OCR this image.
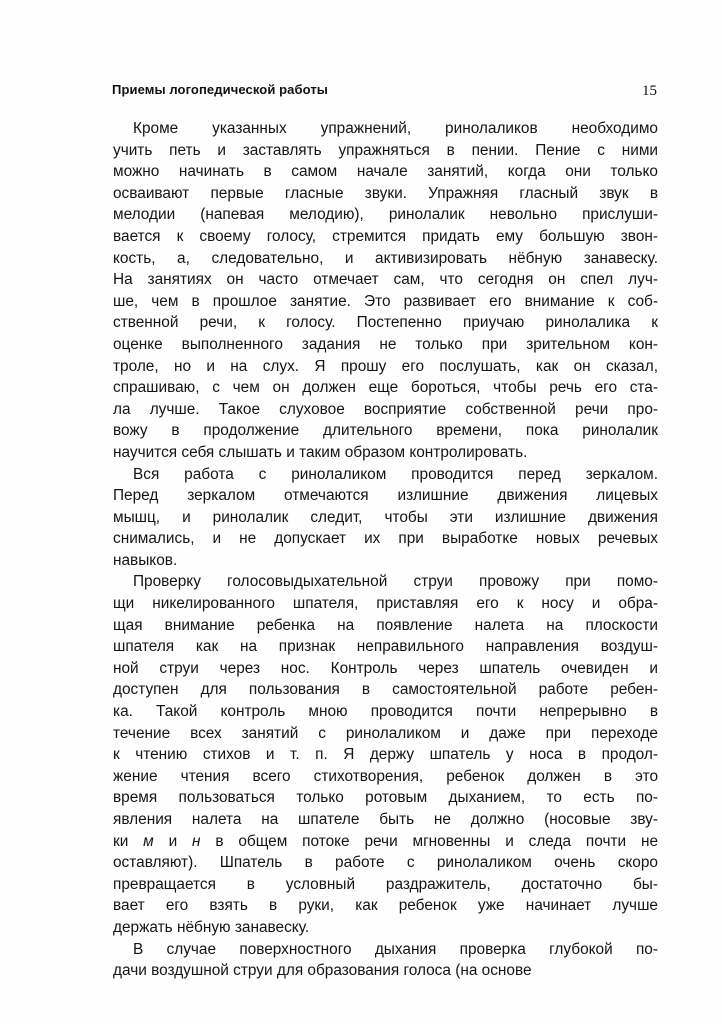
Приемы логопедической работы	15
Кроме указанных упражнений, ринолаликов необходимо
учить петь и заставлять упражняться в пении. Пение с ними
можно начинать в самом начале занятий, когда они только
осваивают первые гласные звуки. Упражняя гласный звук в
мелодии (напевая мелодию), ринолалик невольно прислуши-
вается к своему голосу, стремится придать ему большую звон-
кость, а, следовательно, и активизировать нёбную занавеску.
На занятиях он часто отмечает сам, что сегодня он спел луч-
ше, чем в прошлое занятие. Это развивает его внимание к соб-
ственной речи, к голосу. Постепенно приучаю ринолалика к
оценке выполненного задания не только при зрительном кон-
троле, но и на слух. Я прошу его послушать, как он сказал,
спрашиваю, с чем он должен еще бороться, чтобы речь его ста-
ла лучше. Такое слуховое восприятие собственной речи про-
вожу в продолжение длительного времени, пока ринолалик
научится себя слышать и таким образом контролировать.
Вся работа с ринолаликом проводится перед зеркалом.
Перед зеркалом отмечаются излишние движения лицевых
мышц, и ринолалик следит, чтобы эти излишние движения
снимались, и не допускает их при выработке новых речевых
навыков.
Проверку голосовыдыхательной струи провожу при помо-
щи никелированного шпателя, приставляя его к носу и обра-
щая внимание ребенка на появление налета на плоскости
шпателя как на признак неправильного направления воздуш-
ной струи через нос. Контроль через шпатель очевиден и
доступен для пользования в самостоятельной работе ребен-
ка. Такой контроль мною проводится почти непрерывно в
течение всех занятий с ринолаликом и даже при переходе
к чтению стихов и т. п. Я держу шпатель у носа в продол-
жение чтения всего стихотворения, ребенок должен в это
время пользоваться только ротовым дыханием, то есть по-
явления налета на шпателе быть не должно (носовые зву-
ки м и н в общем потоке речи мгновенны и следа почти не
оставляют). Шпатель в работе с ринолаликом очень скоро
превращается в условный раздражитель, достаточно бы-
вает его взять в руки, как ребенок уже начинает лучше
держать нёбную занавеску.
В случае поверхностного дыхания проверка глубокой по-
дачи воздушной струи для образования голоса (на основе
